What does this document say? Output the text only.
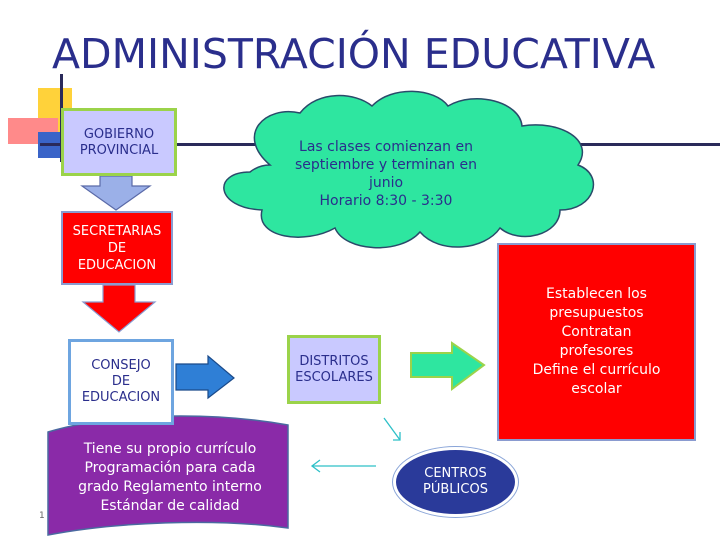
ADMINISTRACIÓN EDUCATIVA
GOBIERNO
PROVINCIAL
SECRETARIAS
DE
EDUCACION
CONSEJO
DE
EDUCACION
DISTRITOS
ESCOLARES
CENTROS
PÚBLICOS
Establecen los
presupuestos
Contratan
profesores
Define el currículo
escolar
Las clases comienzan en
septiembre y terminan en
junio
Horario 8:30 - 3:30
Tiene su propio currículo
Programación para cada
grado Reglamento interno
Estándar de calidad
1
